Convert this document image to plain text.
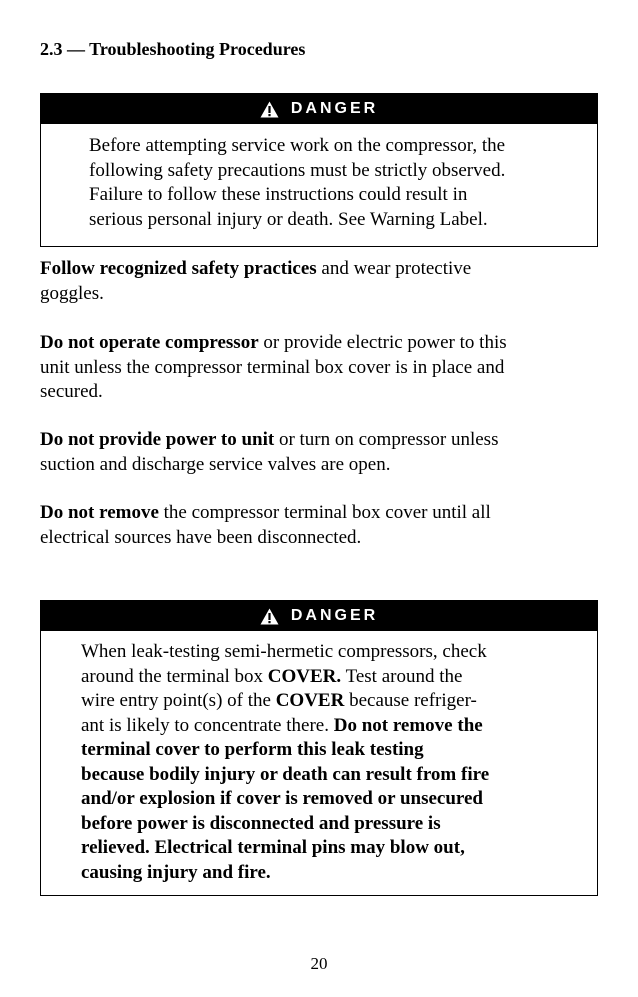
2.3 — Troubleshooting Procedures
DANGER
Before attempting service work on the compressor, the
following safety precautions must be strictly observed.
Failure to follow these instructions could result in
serious personal injury or death. See Warning Label.
Follow recognized safety practices and wear protective
goggles.
Do not operate compressor or provide electric power to this
unit unless the compressor terminal box cover is in place and
secured.
Do not provide power to unit or turn on compressor unless
suction and discharge service valves are open.
Do not remove the compressor terminal box cover until all
electrical sources have been disconnected.
DANGER
When leak-testing semi-hermetic compressors, check
around the terminal box COVER. Test around the
wire entry point(s) of the COVER because refriger-
ant is likely to concentrate there. Do not remove the
terminal cover to perform this leak testing
because bodily injury or death can result from fire
and/or explosion if cover is removed or unsecured
before power is disconnected and pressure is
relieved. Electrical terminal pins may blow out,
causing injury and fire.
20
